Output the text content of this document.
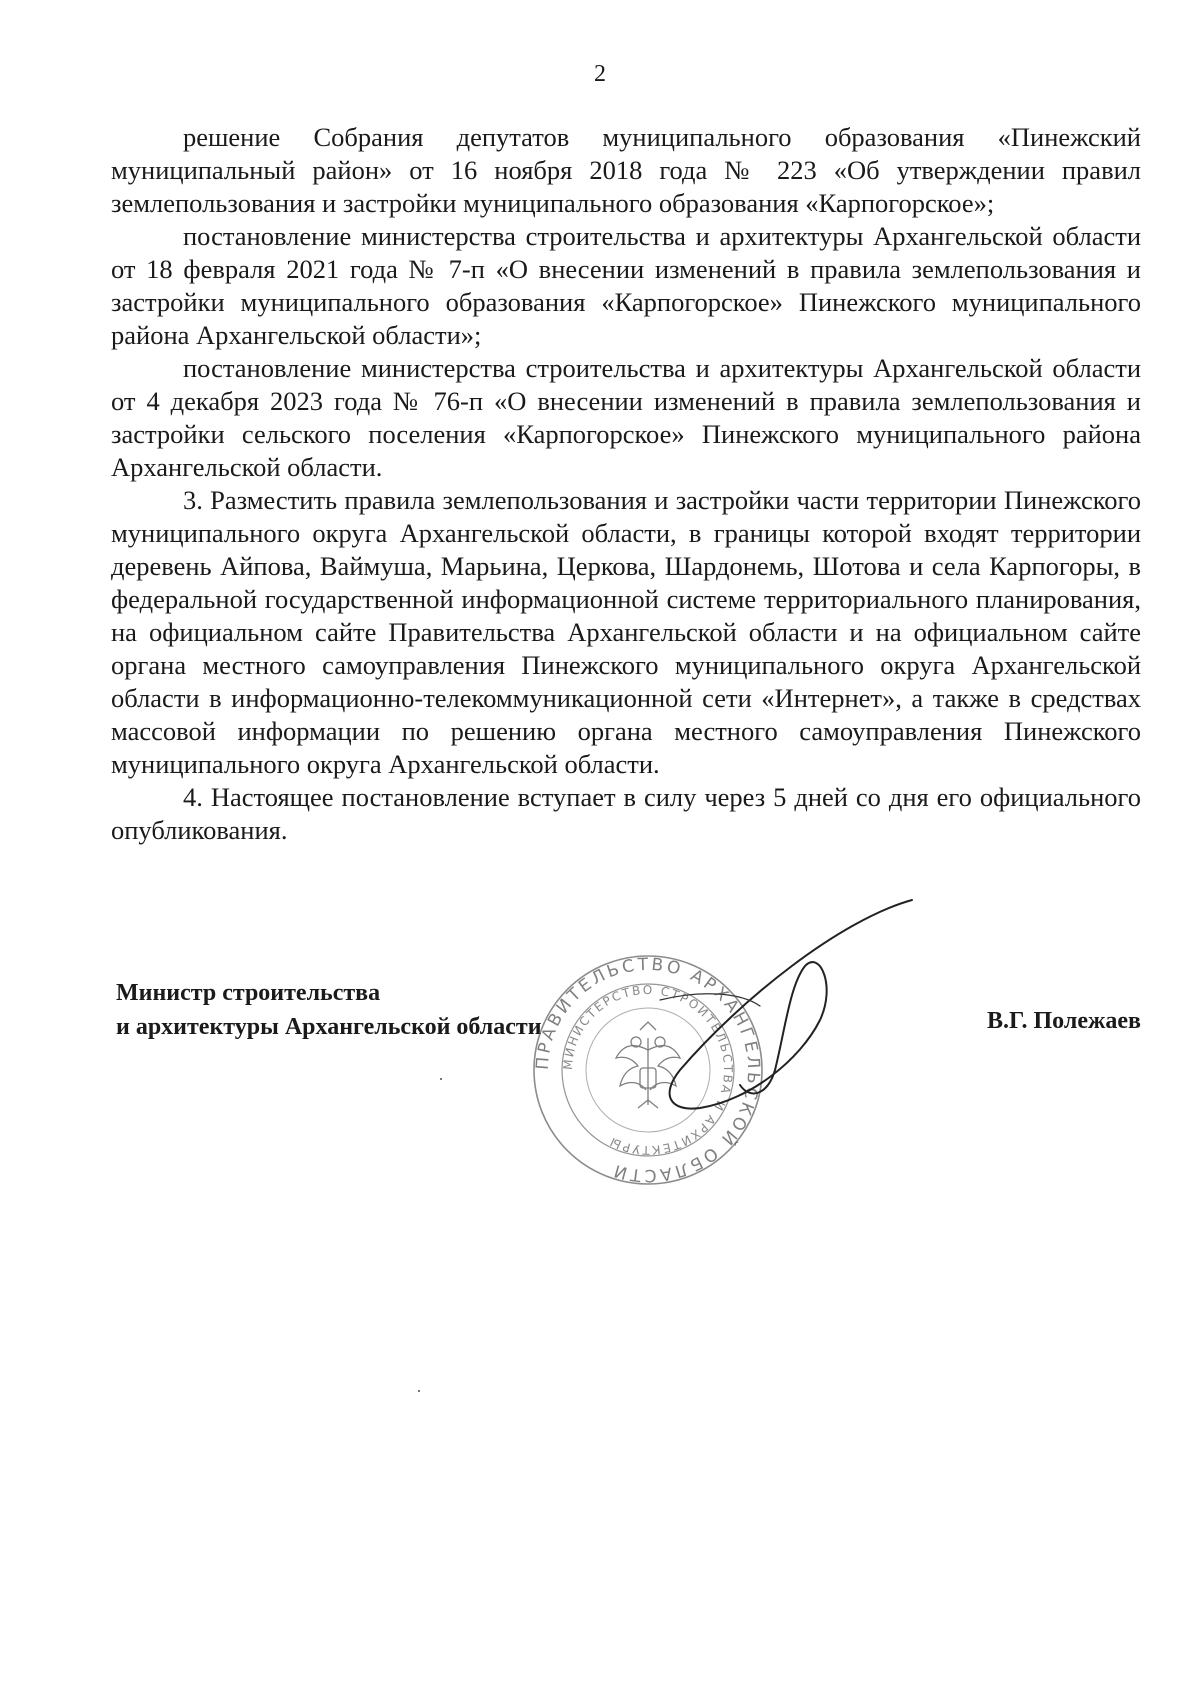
2

решение Собрания депутатов муниципального образования «Пинежский муниципальный район» от 16 ноября 2018 года № 223 «Об утверждении правил землепользования и застройки муниципального образования «Карпогорское»;

постановление министерства строительства и архитектуры Архангельской области от 18 февраля 2021 года № 7-п «О внесении изменений в правила землепользования и застройки муниципального образования «Карпогорское» Пинежского муниципального района Архангельской области»;

постановление министерства строительства и архитектуры Архангельской области от 4 декабря 2023 года № 76-п «О внесении изменений в правила землепользования и застройки сельского поселения «Карпогорское» Пинежского муниципального района Архангельской области.

3. Разместить правила землепользования и застройки части территории Пинежского муниципального округа Архангельской области, в границы которой входят территории деревень Айпова, Ваймуша, Марьина, Церкова, Шардонемь, Шотова и села Карпогоры, в федеральной государственной информационной системе территориального планирования, на официальном сайте Правительства Архангельской области и на официальном сайте органа местного самоуправления Пинежского муниципального округа Архангельской области в информационно-телекоммуникационной сети «Интернет», а также в средствах массовой информации по решению органа местного самоуправления Пинежского муниципального округа Архангельской области.

4. Настоящее постановление вступает в силу через 5 дней со дня его официального опубликования.

Министр строительства
и архитектуры Архангельской области	В.Г. Полежаев
ПРАВИТЕЛЬСТВО АРХАНГЕЛЬСКОЙ ОБЛАСТИ
МИНИСТЕРСТВО СТРОИТЕЛЬСТВА И АРХИТЕКТУРЫ
